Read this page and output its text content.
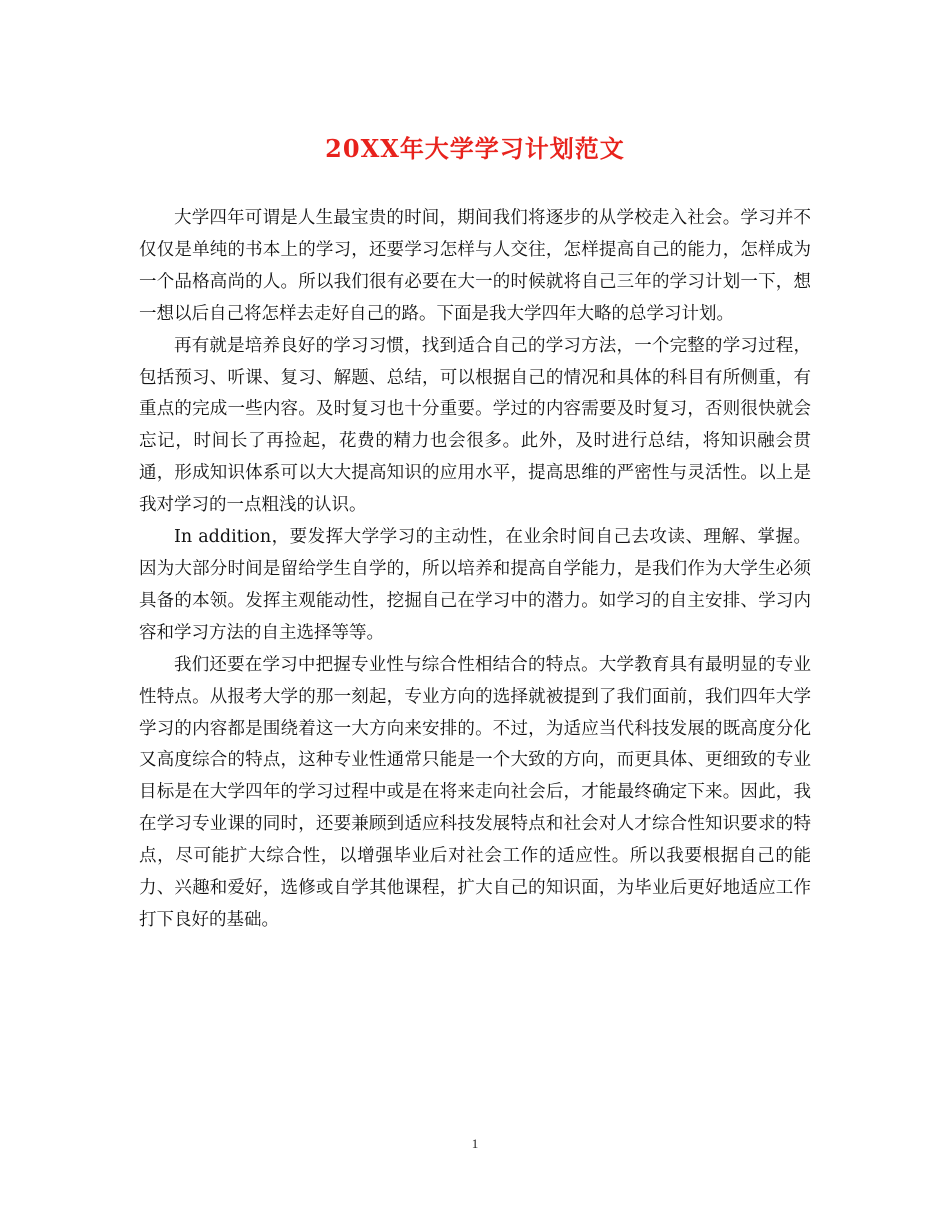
20XX年大学学习计划范文

大学四年可谓是人生最宝贵的时间，期间我们将逐步的从学校走入社会。学习并不仅仅是单纯的书本上的学习，还要学习怎样与人交往，怎样提高自己的能力，怎样成为一个品格高尚的人。所以我们很有必要在大一的时候就将自己三年的学习计划一下，想一想以后自己将怎样去走好自己的路。下面是我大学四年大略的总学习计划。

再有就是培养良好的学习习惯，找到适合自己的学习方法，一个完整的学习过程，包括预习、听课、复习、解题、总结，可以根据自己的情况和具体的科目有所侧重，有重点的完成一些内容。及时复习也十分重要。学过的内容需要及时复习，否则很快就会忘记，时间长了再捡起，花费的精力也会很多。此外，及时进行总结，将知识融会贯通，形成知识体系可以大大提高知识的应用水平，提高思维的严密性与灵活性。以上是我对学习的一点粗浅的认识。

In addition，要发挥大学学习的主动性，在业余时间自己去攻读、理解、掌握。因为大部分时间是留给学生自学的，所以培养和提高自学能力，是我们作为大学生必须具备的本领。发挥主观能动性，挖掘自己在学习中的潜力。如学习的自主安排、学习内容和学习方法的自主选择等等。

我们还要在学习中把握专业性与综合性相结合的特点。大学教育具有最明显的专业性特点。从报考大学的那一刻起，专业方向的选择就被提到了我们面前，我们四年大学学习的内容都是围绕着这一大方向来安排的。不过，为适应当代科技发展的既高度分化又高度综合的特点，这种专业性通常只能是一个大致的方向，而更具体、更细致的专业目标是在大学四年的学习过程中或是在将来走向社会后，才能最终确定下来。因此，我在学习专业课的同时，还要兼顾到适应科技发展特点和社会对人才综合性知识要求的特点，尽可能扩大综合性，以增强毕业后对社会工作的适应性。所以我要根据自己的能力、兴趣和爱好，选修或自学其他课程，扩大自己的知识面，为毕业后更好地适应工作打下良好的基础。

1
